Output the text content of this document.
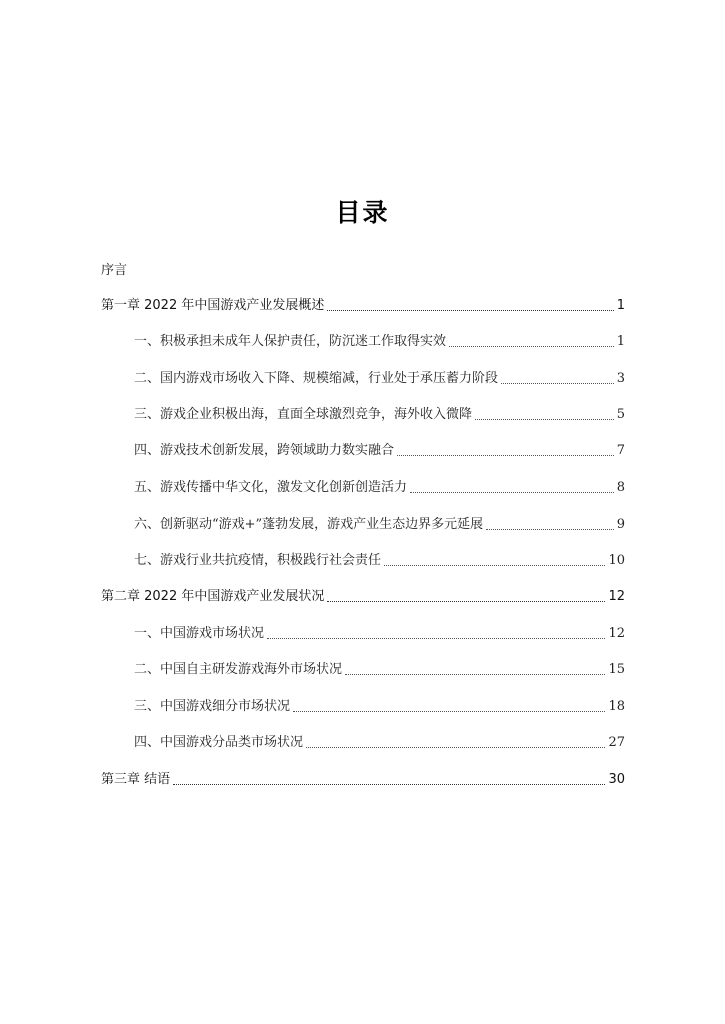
目录
序言
第一章 2022 年中国游戏产业发展概述	1
一、积极承担未成年人保护责任，防沉迷工作取得实效	1
二、国内游戏市场收入下降、规模缩减，行业处于承压蓄力阶段	3
三、游戏企业积极出海，直面全球激烈竞争，海外收入微降	5
四、游戏技术创新发展，跨领域助力数实融合	7
五、游戏传播中华文化，激发文化创新创造活力	8
六、创新驱动“游戏+”蓬勃发展，游戏产业生态边界多元延展	9
七、游戏行业共抗疫情，积极践行社会责任	10
第二章 2022 年中国游戏产业发展状况	12
一、中国游戏市场状况	12
二、中国自主研发游戏海外市场状况	15
三、中国游戏细分市场状况	18
四、中国游戏分品类市场状况	27
第三章 结语	30
